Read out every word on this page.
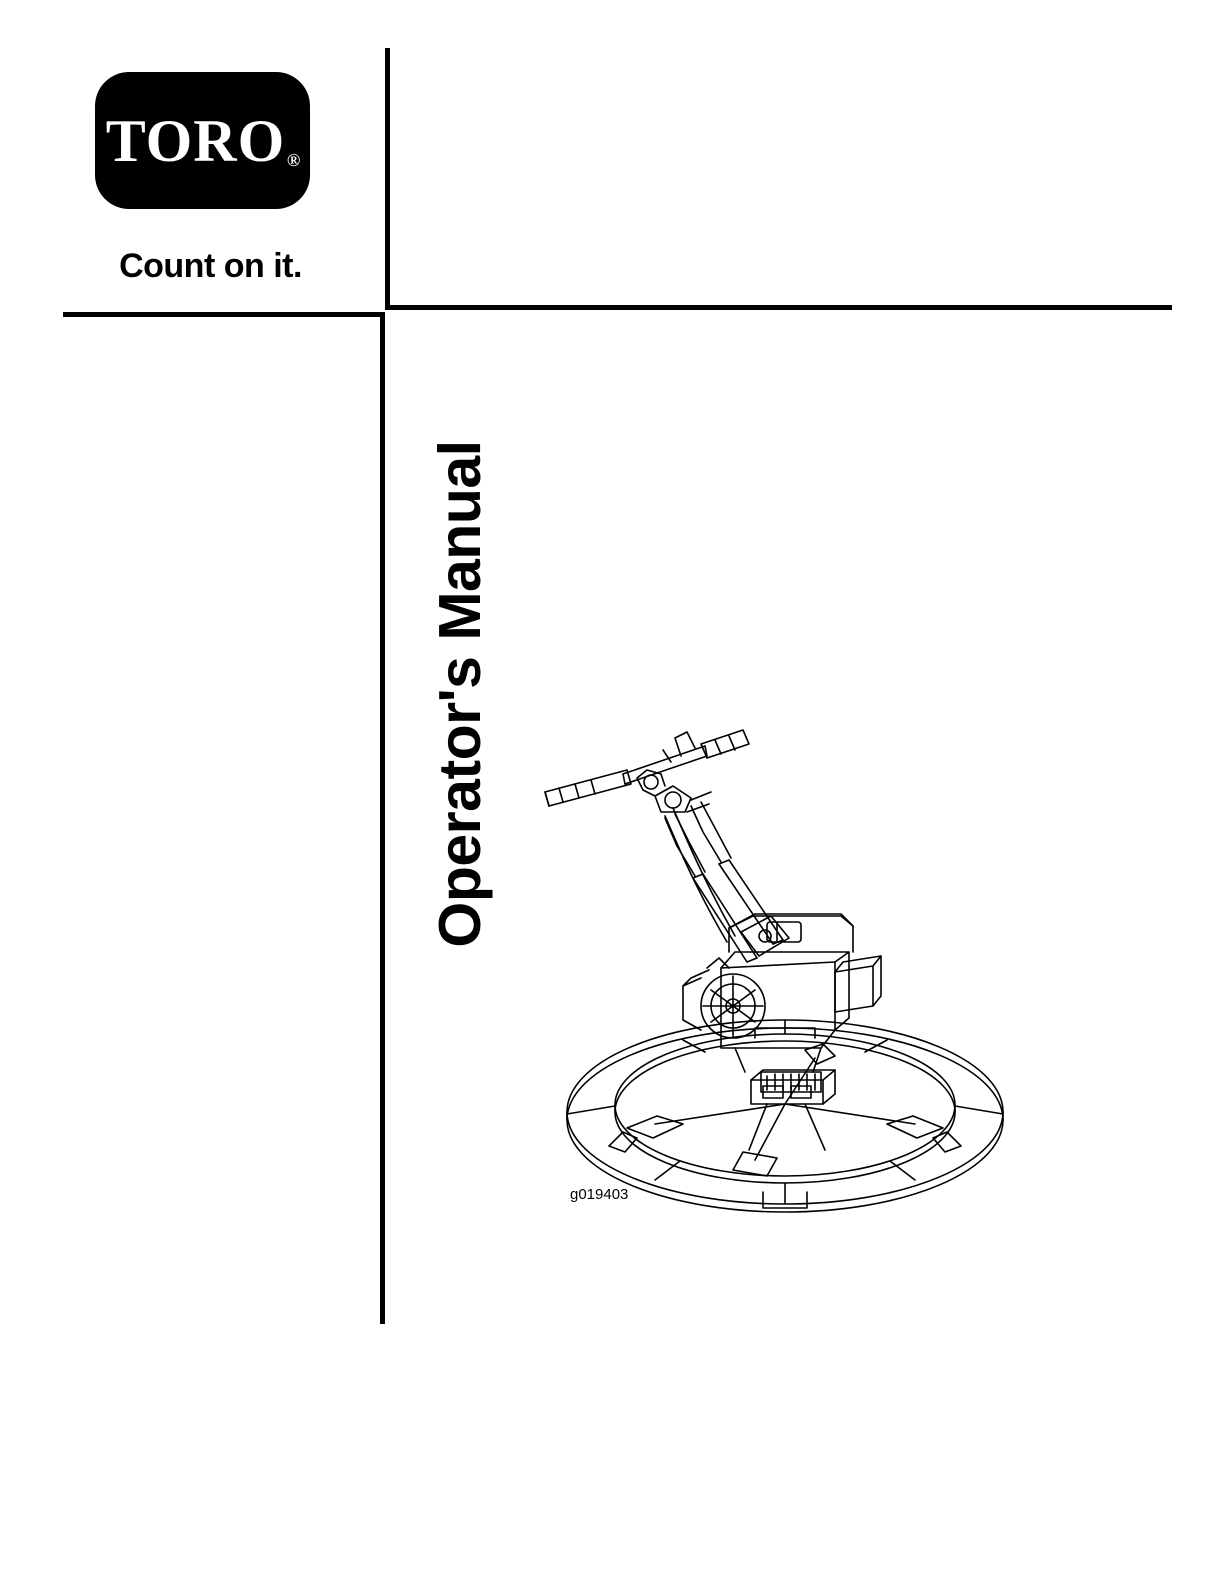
TORO ®
Count on it.
Operator's Manual
g019403
